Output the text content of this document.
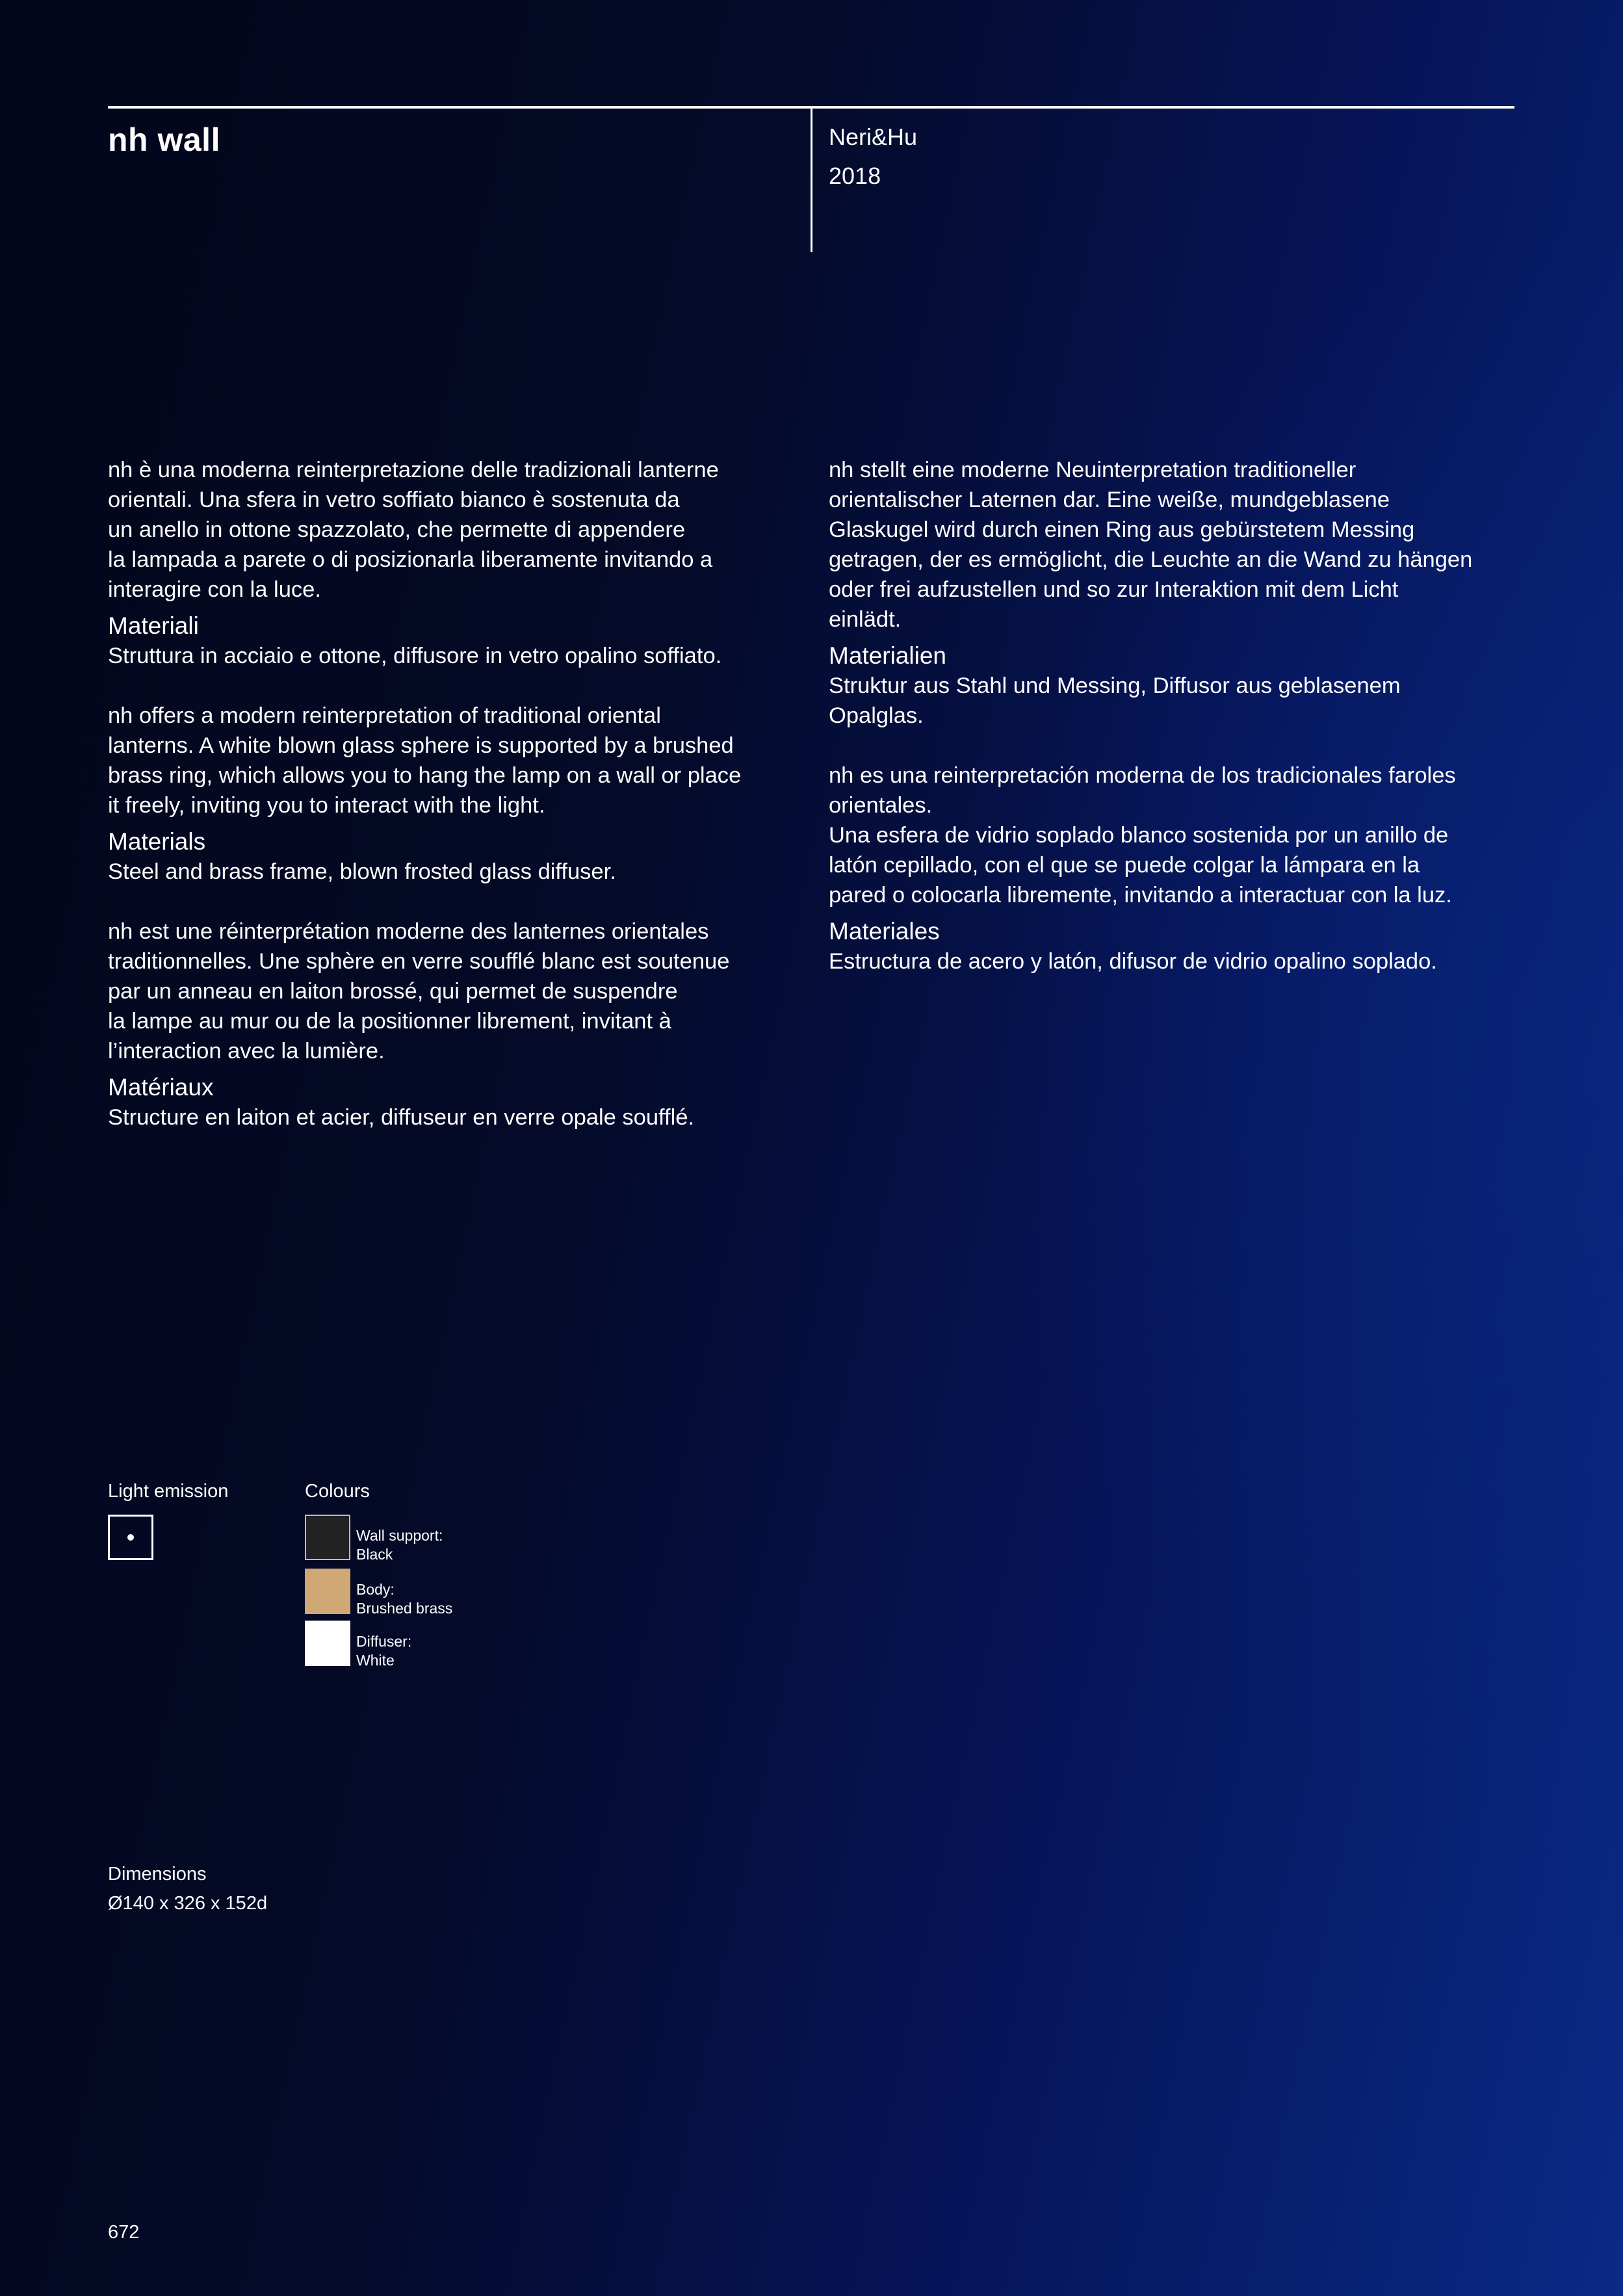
nh wall	Neri&Hu
2018

nh è una moderna reinterpretazione delle tradizionali lanterne
orientali. Una sfera in vetro soffiato bianco è sostenuta da
un anello in ottone spazzolato, che permette di appendere
la lampada a parete o di posizionarla liberamente invitando a
interagire con la luce.

Materiali

Struttura in acciaio e ottone, diffusore in vetro opalino soffiato.

nh offers a modern reinterpretation of traditional oriental
lanterns. A white blown glass sphere is supported by a brushed
brass ring, which allows you to hang the lamp on a wall or place
it freely, inviting you to interact with the light.

Materials

Steel and brass frame, blown frosted glass diffuser.

nh est une réinterprétation moderne des lanternes orientales
traditionnelles. Une sphère en verre soufflé blanc est soutenue
par un anneau en laiton brossé, qui permet de suspendre
la lampe au mur ou de la positionner librement, invitant à
l’interaction avec la lumière.

Matériaux

Structure en laiton et acier, diffuseur en verre opale soufflé.

nh stellt eine moderne Neuinterpretation traditioneller
orientalischer Laternen dar. Eine weiße, mundgeblasene
Glaskugel wird durch einen Ring aus gebürstetem Messing
getragen, der es ermöglicht, die Leuchte an die Wand zu hängen
oder frei aufzustellen und so zur Interaktion mit dem Licht
einlädt.

Materialien

Struktur aus Stahl und Messing, Diffusor aus geblasenem
Opalglas.

nh es una reinterpretación moderna de los tradicionales faroles
orientales.
Una esfera de vidrio soplado blanco sostenida por un anillo de
latón cepillado, con el que se puede colgar la lámpara en la
pared o colocarla libremente, invitando a interactuar con la luz.

Materiales

Estructura de acero y latón, difusor de vidrio opalino soplado.

Light emission	Colours
Wall support:
Black
Body:
Brushed brass
Diffuser:
White
Dimensions
Ø140 x 326 x 152d
672
